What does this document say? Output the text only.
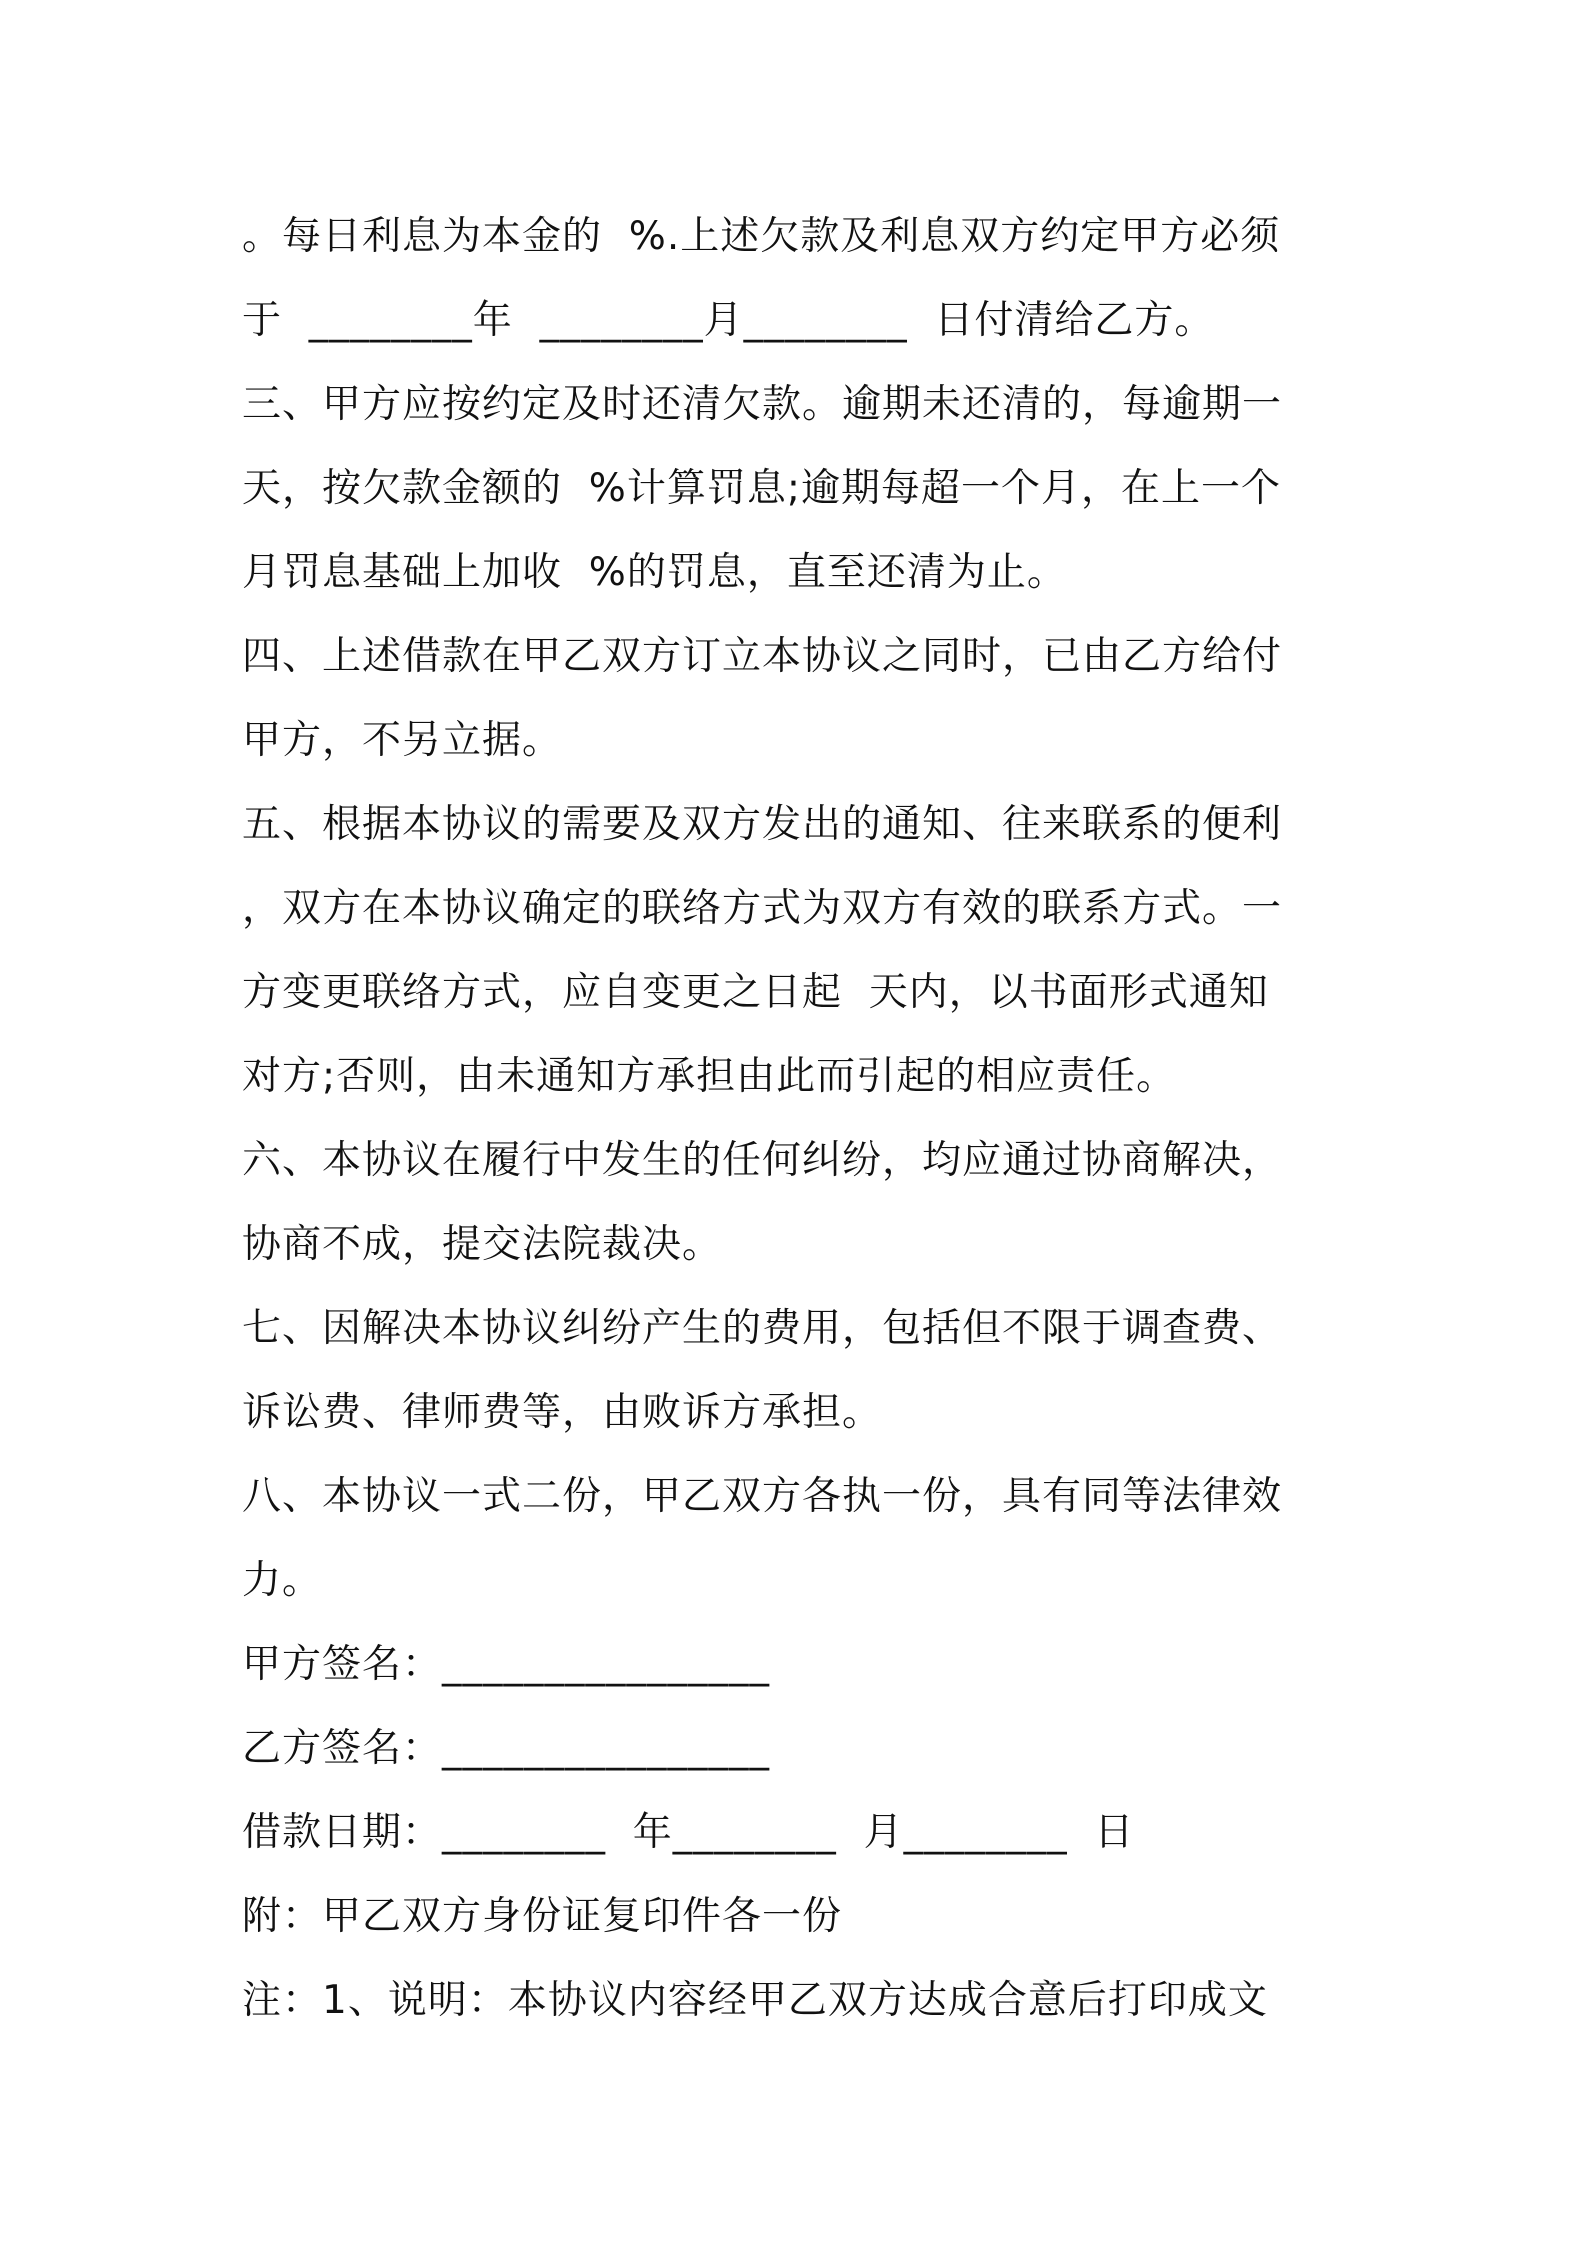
。每日利息为本金的  %.上述欠款及利息双方约定甲方必须
于  ________年  ________月________  日付清给乙方。
三、甲方应按约定及时还清欠款。逾期未还清的，每逾期一
天，按欠款金额的  %计算罚息;逾期每超一个月，在上一个
月罚息基础上加收  %的罚息，直至还清为止。
四、上述借款在甲乙双方订立本协议之同时，已由乙方给付
甲方，不另立据。
五、根据本协议的需要及双方发出的通知、往来联系的便利
，双方在本协议确定的联络方式为双方有效的联系方式。一
方变更联络方式，应自变更之日起  天内，以书面形式通知
对方;否则，由未通知方承担由此而引起的相应责任。
六、本协议在履行中发生的任何纠纷，均应通过协商解决，
协商不成，提交法院裁决。
七、因解决本协议纠纷产生的费用，包括但不限于调查费、
诉讼费、律师费等，由败诉方承担。
八、本协议一式二份，甲乙双方各执一份，具有同等法律效
力。
甲方签名：________________
乙方签名：________________
借款日期：________  年________  月________  日
附：甲乙双方身份证复印件各一份
注：1、说明：本协议内容经甲乙双方达成合意后打印成文
